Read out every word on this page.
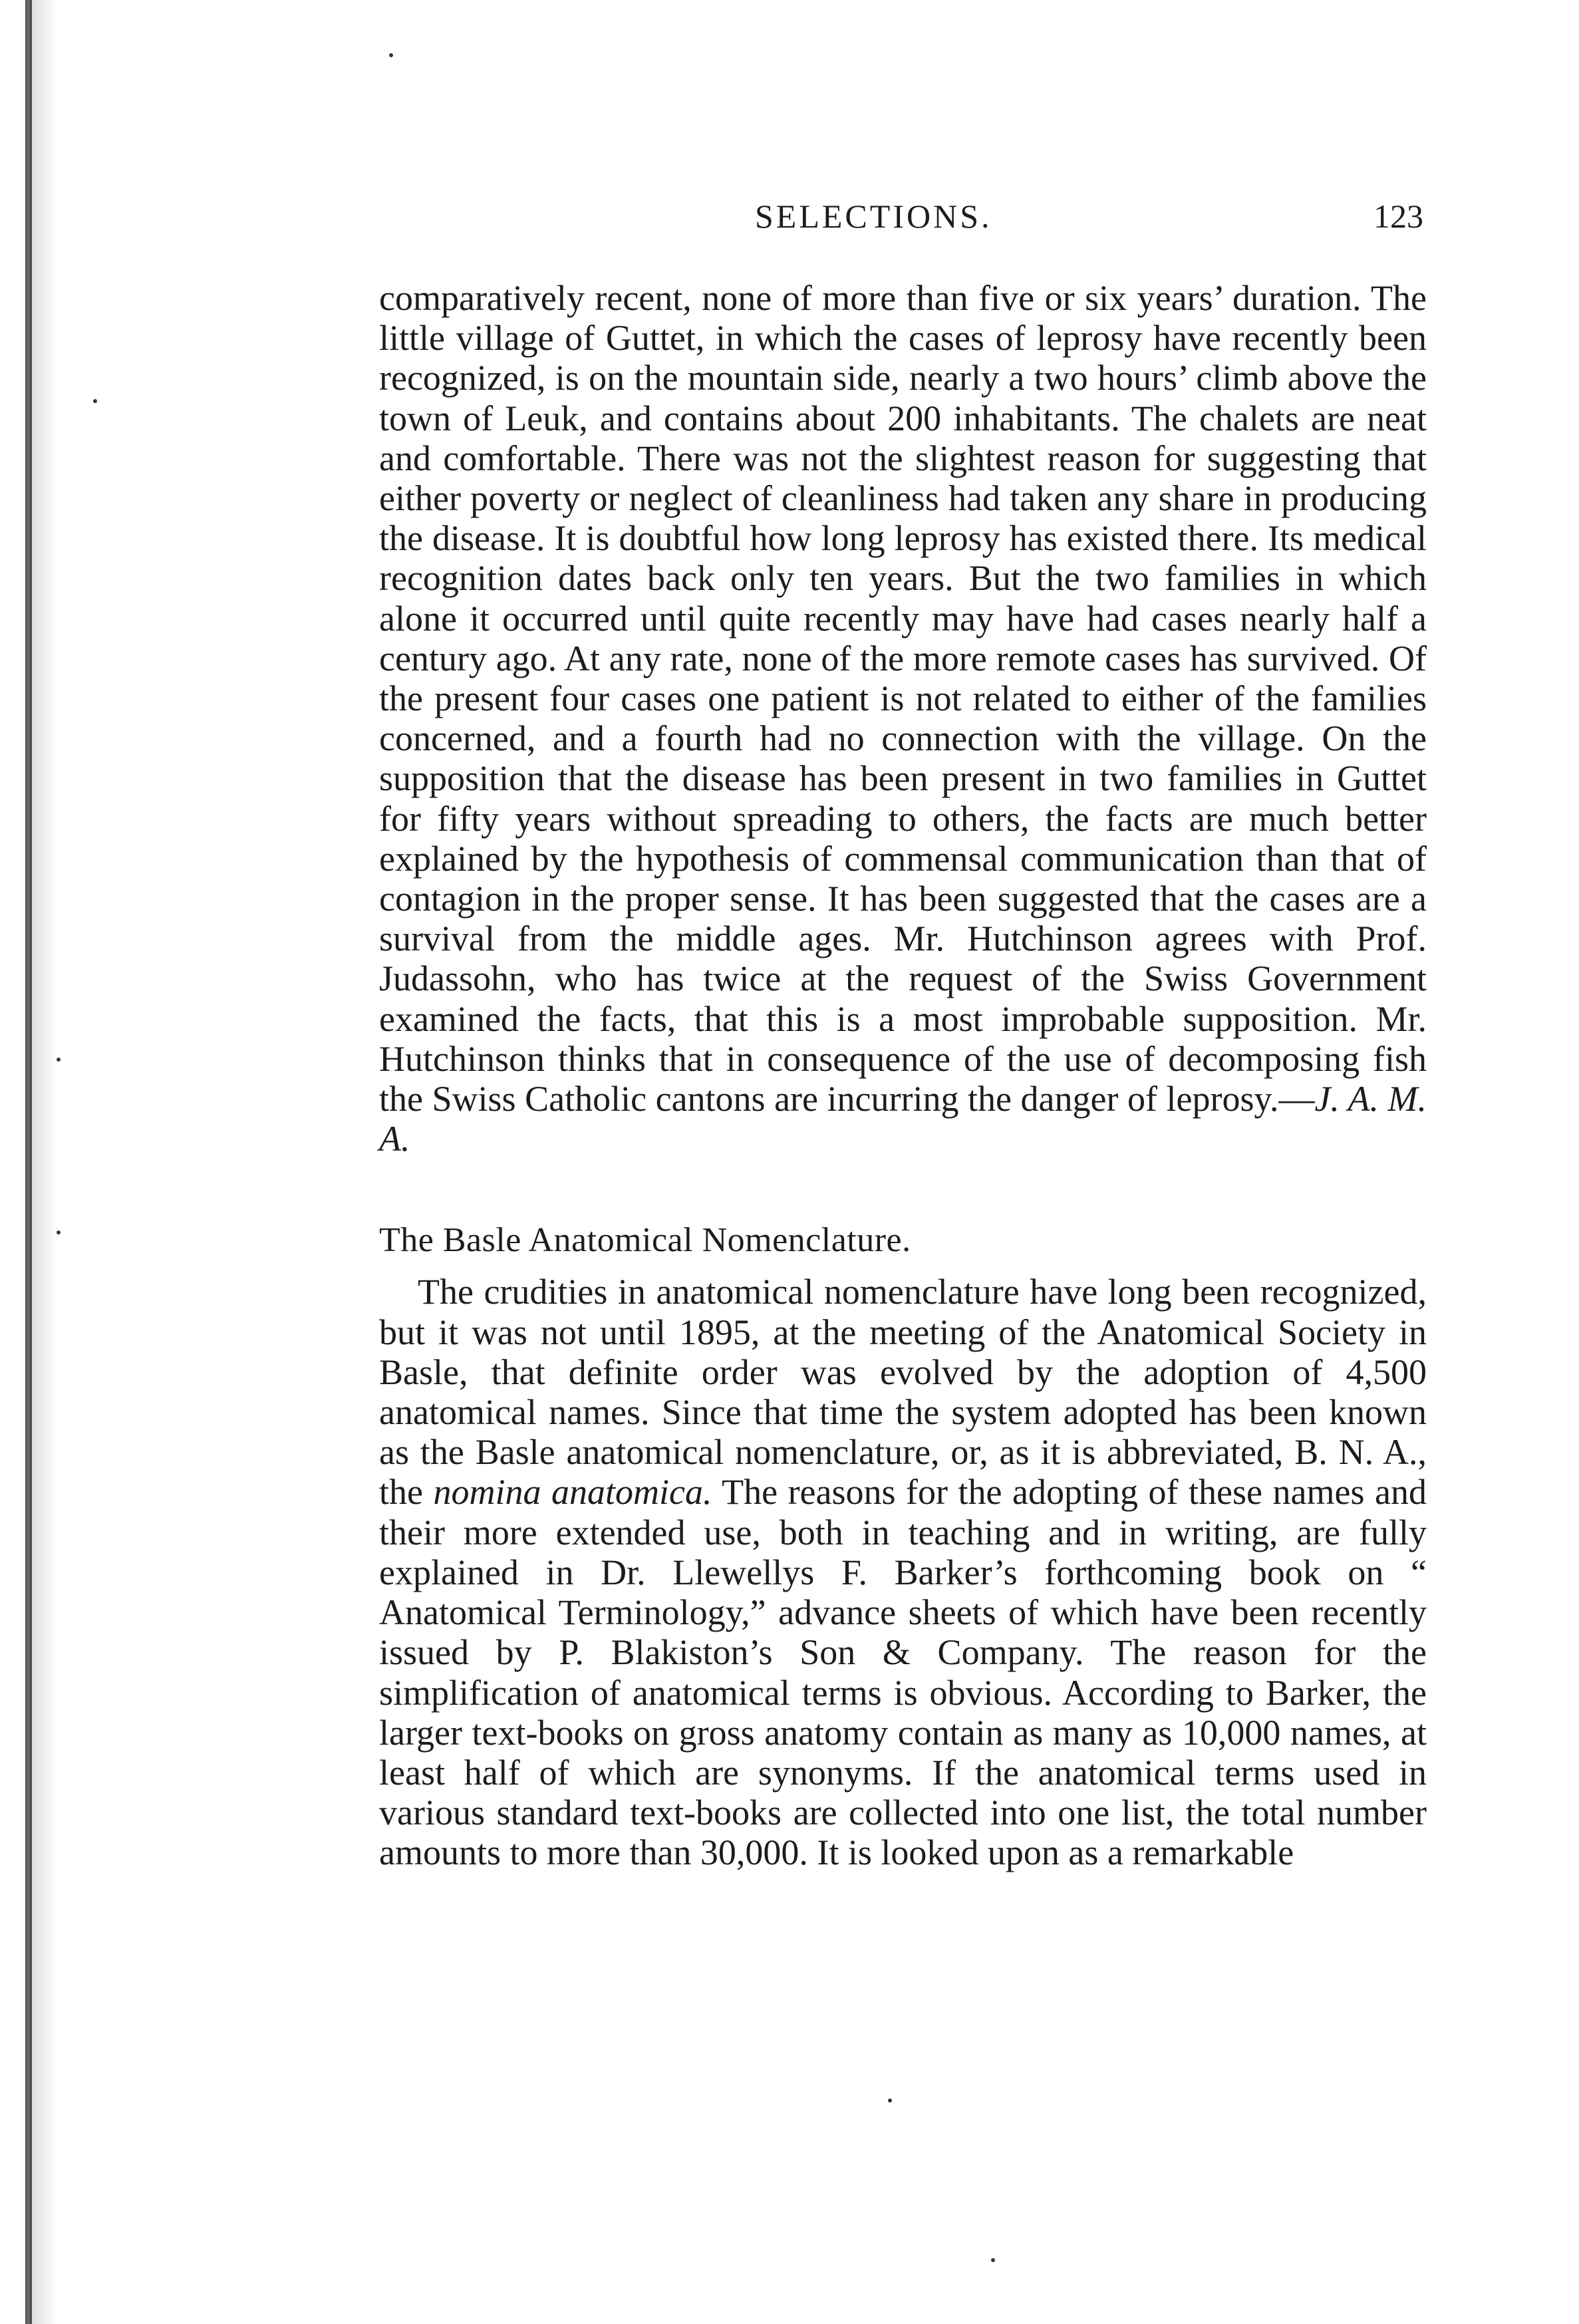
SELECTIONS.	123

comparatively recent, none of more than five or six years’ duration. The little village of Guttet, in which the cases of leprosy have recently been recognized, is on the mountain side, nearly a two hours’ climb above the town of Leuk, and contains about 200 inhabitants. The chalets are neat and comfortable. There was not the slightest reason for suggesting that either poverty or neglect of cleanliness had taken any share in producing the disease. It is doubtful how long leprosy has existed there. Its medical recognition dates back only ten years. But the two families in which alone it occurred until quite recently may have had cases nearly half a century ago. At any rate, none of the more remote cases has survived. Of the present four cases one patient is not related to either of the families concerned, and a fourth had no connection with the village. On the supposition that the disease has been present in two families in Guttet for fifty years without spreading to others, the facts are much better explained by the hypothesis of commensal communication than that of contagion in the proper sense. It has been suggested that the cases are a survival from the middle ages. Mr. Hutchinson agrees with Prof. Judassohn, who has twice at the request of the Swiss Government examined the facts, that this is a most improbable supposition. Mr. Hutchinson thinks that in consequence of the use of decomposing fish the Swiss Catholic cantons are incurring the danger of leprosy.—J. A. M. A.

The Basle Anatomical Nomenclature.

The crudities in anatomical nomenclature have long been recognized, but it was not until 1895, at the meeting of the Anatomical Society in Basle, that definite order was evolved by the adoption of 4,500 anatomical names. Since that time the system adopted has been known as the Basle anatomical nomenclature, or, as it is abbreviated, B. N. A., the nomina anatomica. The reasons for the adopting of these names and their more extended use, both in teaching and in writing, are fully explained in Dr. Llewellys F. Barker’s forthcoming book on “ Anatomical Terminology,” advance sheets of which have been recently issued by P. Blakiston’s Son & Company. The reason for the simplification of anatomical terms is obvious. According to Barker, the larger text-books on gross anatomy contain as many as 10,000 names, at least half of which are synonyms. If the anatomical terms used in various standard text-books are collected into one list, the total number amounts to more than 30,000. It is looked upon as a remarkable
